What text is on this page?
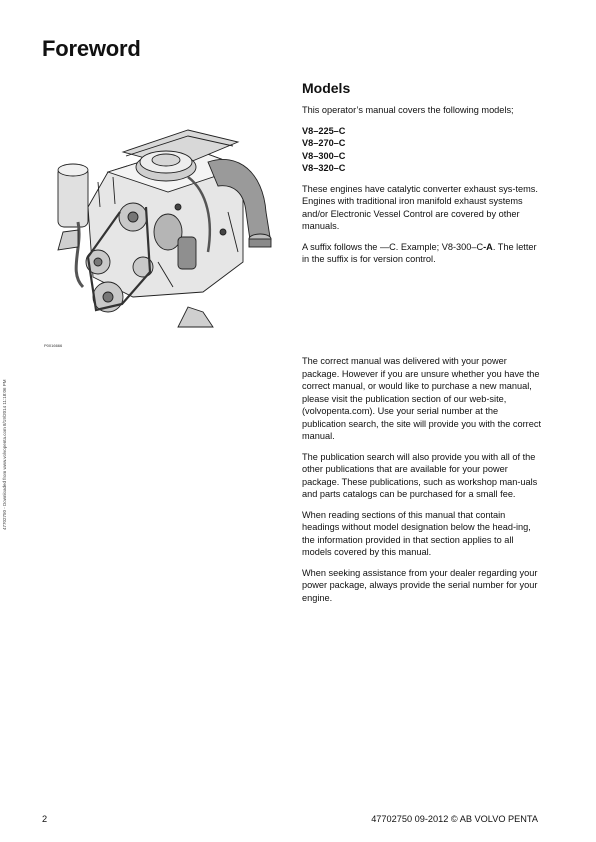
Foreword
47702750 - Downloaded from www.volvopenta.com 8/19/2014 11:18:06 PM
P0016666
Models

This operator’s manual covers the following models;

V8–225–C
V8–270–C
V8–300–C
V8–320–C

These engines have catalytic converter exhaust sys-tems.
Engines with traditional iron manifold exhaust systems and/or Electronic Vessel Control are covered by other manuals.

A suffix follows the —C. Example; V8-300–C-A. The letter in the suffix is for version control.

The correct manual was delivered with your power package. However if you are unsure whether you have the correct manual, or would like to purchase a new manual, please visit the publication section of our web-site, (volvopenta.com). Use your serial number at the publication search, the site will provide you with the correct manual.

The publication search will also provide you with all of the other publications that are available for your power package. These publications, such as workshop man-uals and parts catalogs can be purchased for a small fee.

When reading sections of this manual that contain headings without model designation below the head-ing, the information provided in that section applies to all models covered by this manual.

When seeking assistance from your dealer regarding your power package, always provide the serial number for your engine.

2	47702750 09-2012 © AB VOLVO PENTA
